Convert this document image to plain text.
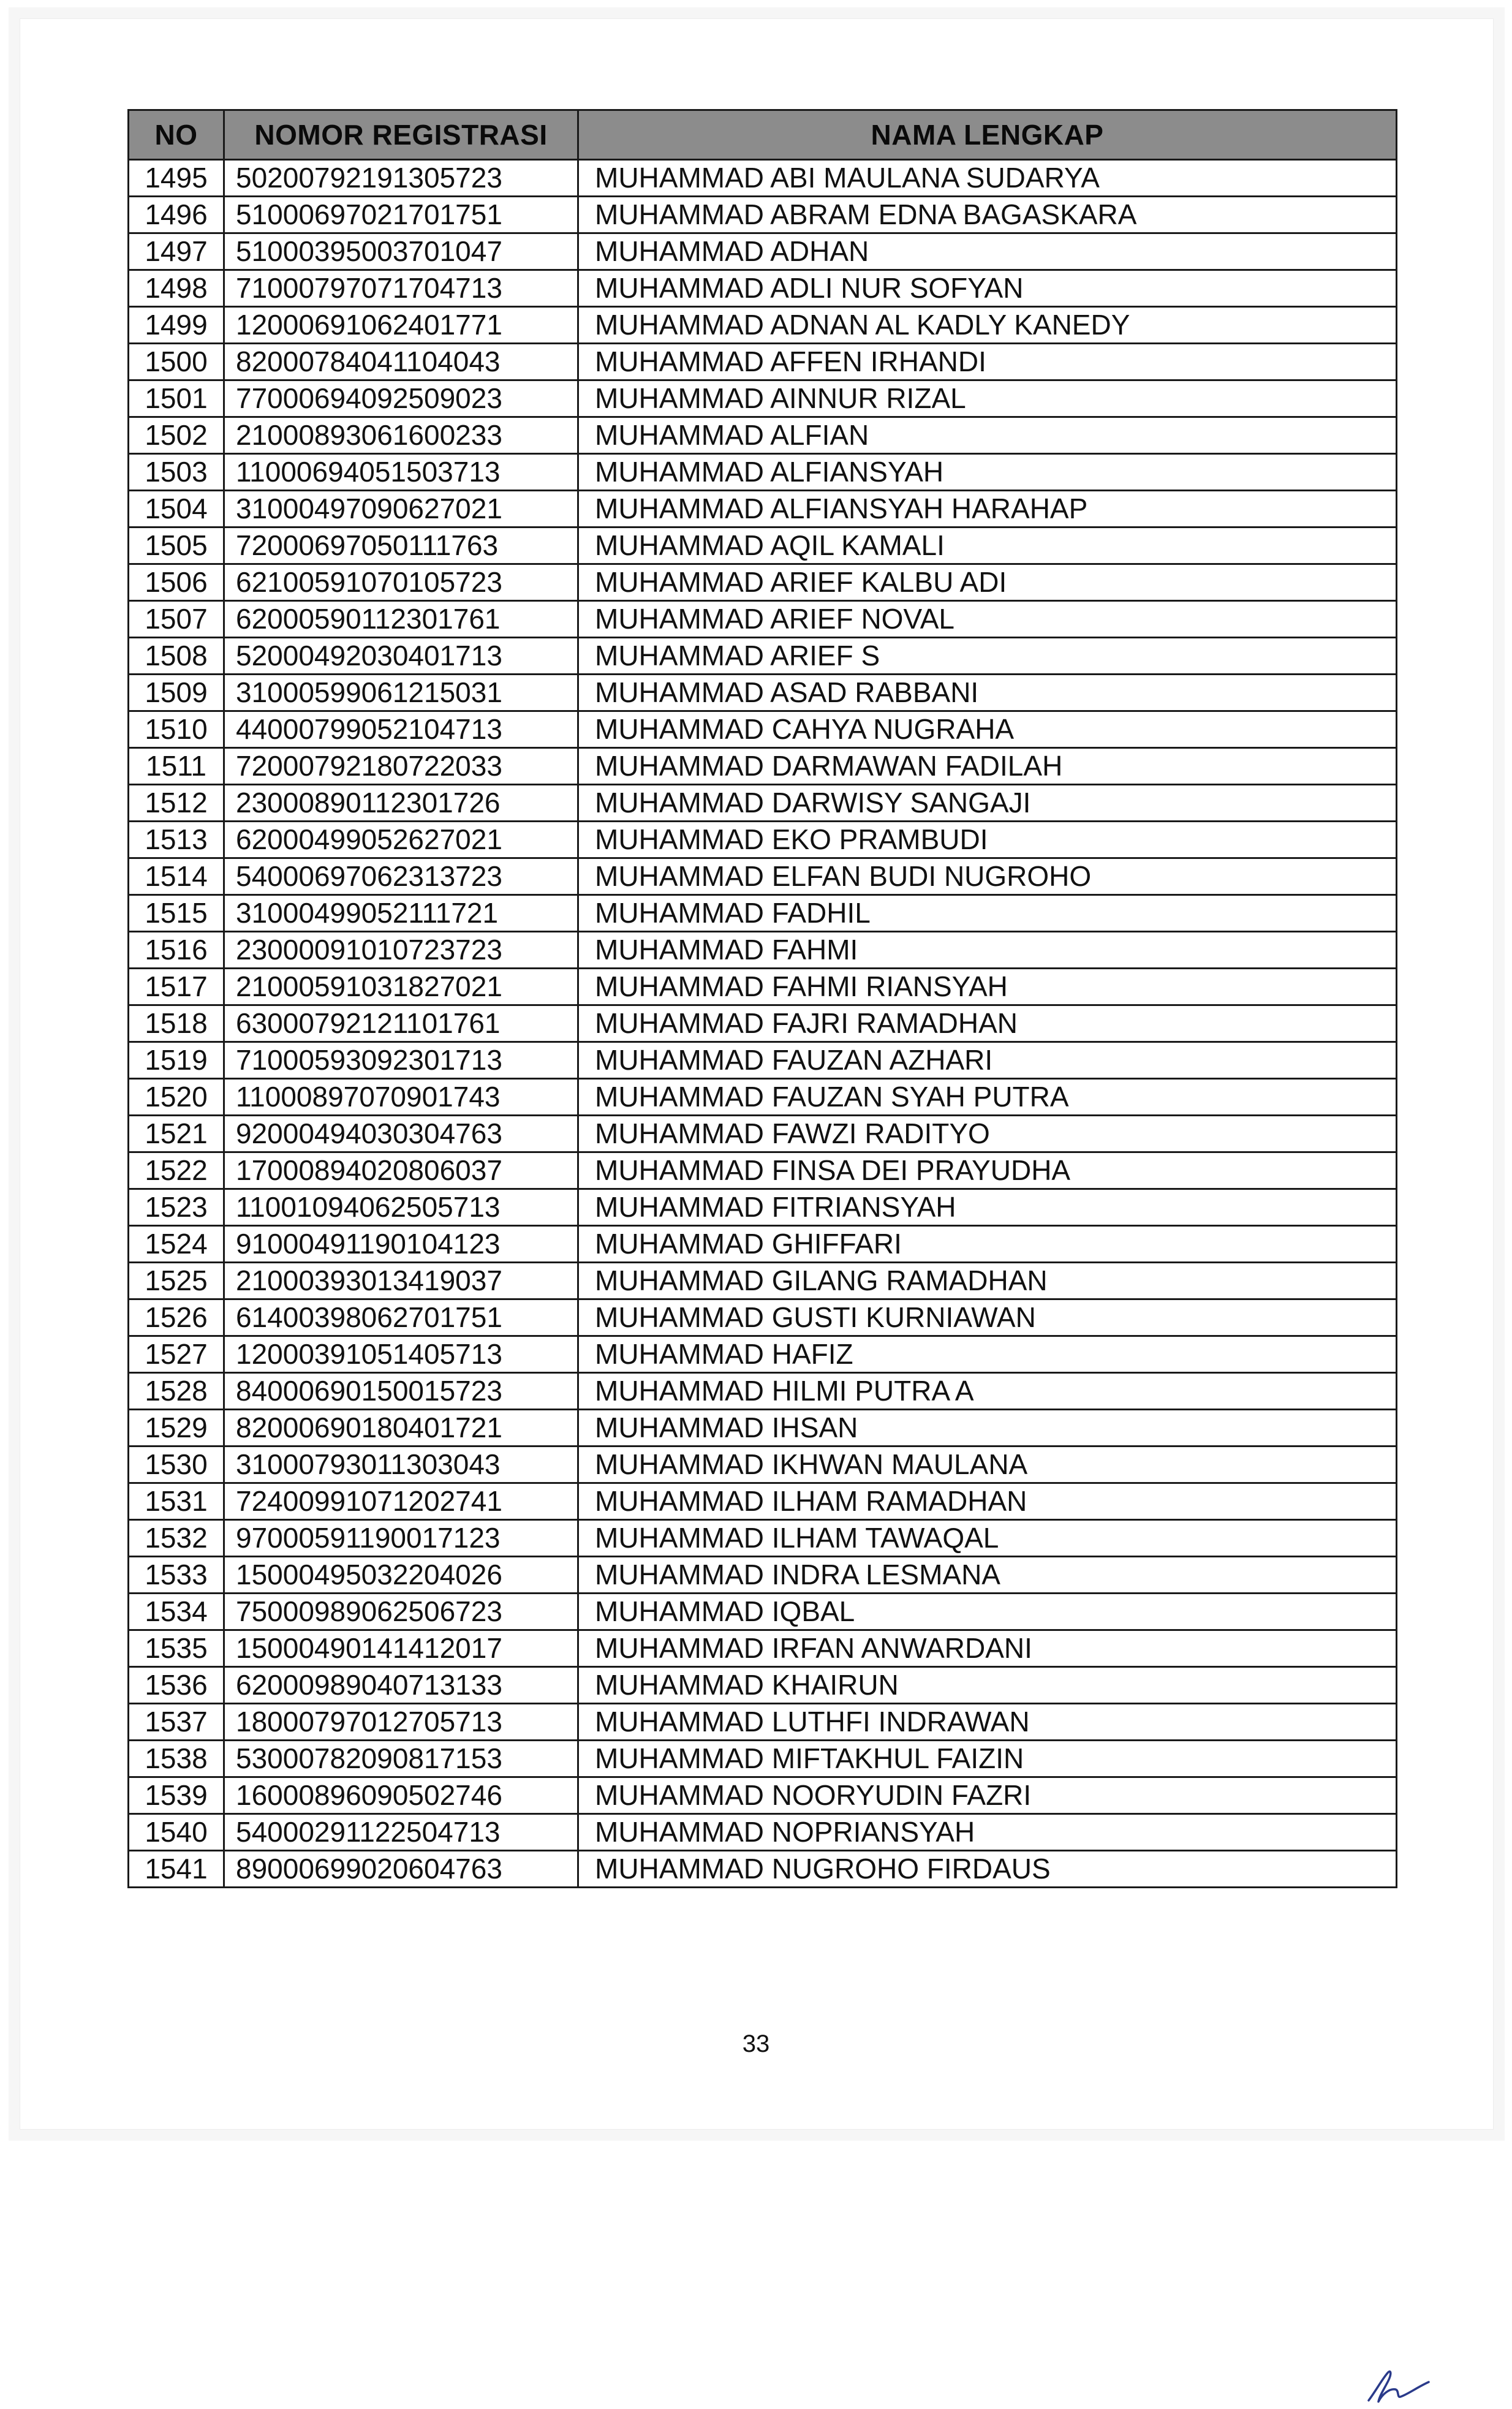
NO	NOMOR REGISTRASI	NAMA LENGKAP
1495	50200792191305723	MUHAMMAD ABI MAULANA SUDARYA
1496	51000697021701751	MUHAMMAD ABRAM EDNA BAGASKARA
1497	51000395003701047	MUHAMMAD ADHAN
1498	71000797071704713	MUHAMMAD ADLI NUR SOFYAN
1499	12000691062401771	MUHAMMAD ADNAN AL KADLY KANEDY
1500	82000784041104043	MUHAMMAD AFFEN IRHANDI
1501	77000694092509023	MUHAMMAD AINNUR RIZAL
1502	21000893061600233	MUHAMMAD ALFIAN
1503	11000694051503713	MUHAMMAD ALFIANSYAH
1504	31000497090627021	MUHAMMAD ALFIANSYAH HARAHAP
1505	72000697050111763	MUHAMMAD AQIL KAMALI
1506	62100591070105723	MUHAMMAD ARIEF KALBU ADI
1507	62000590112301761	MUHAMMAD ARIEF NOVAL
1508	52000492030401713	MUHAMMAD ARIEF S
1509	31000599061215031	MUHAMMAD ASAD RABBANI
1510	44000799052104713	MUHAMMAD CAHYA NUGRAHA
1511	72000792180722033	MUHAMMAD DARMAWAN FADILAH
1512	23000890112301726	MUHAMMAD DARWISY SANGAJI
1513	62000499052627021	MUHAMMAD EKO PRAMBUDI
1514	54000697062313723	MUHAMMAD ELFAN BUDI NUGROHO
1515	31000499052111721	MUHAMMAD FADHIL
1516	23000091010723723	MUHAMMAD FAHMI
1517	21000591031827021	MUHAMMAD FAHMI RIANSYAH
1518	63000792121101761	MUHAMMAD FAJRI RAMADHAN
1519	71000593092301713	MUHAMMAD FAUZAN AZHARI
1520	11000897070901743	MUHAMMAD FAUZAN SYAH PUTRA
1521	92000494030304763	MUHAMMAD FAWZI RADITYO
1522	17000894020806037	MUHAMMAD FINSA DEI PRAYUDHA
1523	11001094062505713	MUHAMMAD FITRIANSYAH
1524	91000491190104123	MUHAMMAD GHIFFARI
1525	21000393013419037	MUHAMMAD GILANG RAMADHAN
1526	61400398062701751	MUHAMMAD GUSTI KURNIAWAN
1527	12000391051405713	MUHAMMAD HAFIZ
1528	84000690150015723	MUHAMMAD HILMI PUTRA A
1529	82000690180401721	MUHAMMAD IHSAN
1530	31000793011303043	MUHAMMAD IKHWAN MAULANA
1531	72400991071202741	MUHAMMAD ILHAM RAMADHAN
1532	97000591190017123	MUHAMMAD ILHAM TAWAQAL
1533	15000495032204026	MUHAMMAD INDRA LESMANA
1534	75000989062506723	MUHAMMAD IQBAL
1535	15000490141412017	MUHAMMAD IRFAN ANWARDANI
1536	62000989040713133	MUHAMMAD KHAIRUN
1537	18000797012705713	MUHAMMAD LUTHFI INDRAWAN
1538	53000782090817153	MUHAMMAD MIFTAKHUL FAIZIN
1539	16000896090502746	MUHAMMAD NOORYUDIN FAZRI
1540	54000291122504713	MUHAMMAD NOPRIANSYAH
1541	89000699020604763	MUHAMMAD NUGROHO FIRDAUS
33
